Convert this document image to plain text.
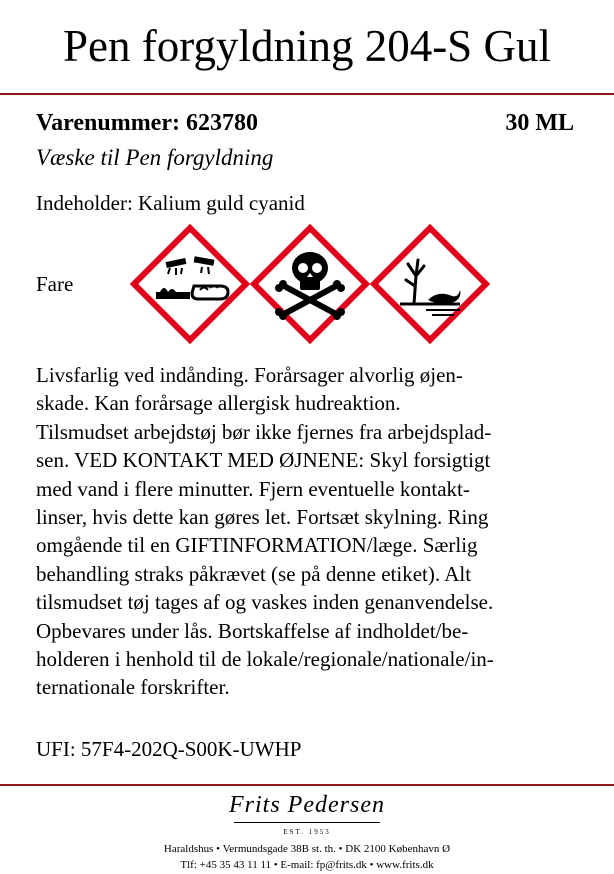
Pen forgyldning 204-S Gul
Varenummer: 623780	30 ML
Væske til Pen forgyldning
Indeholder: Kalium guld cyanid
Fare
Livsfarlig ved indånding. Forårsager alvorlig øjen-
skade. Kan forårsage allergisk hudreaktion.
Tilsmudset arbejdstøj bør ikke fjernes fra arbejdsplad-
sen. VED KONTAKT MED ØJNENE: Skyl forsigtigt
med vand i flere minutter. Fjern eventuelle kontakt-
linser, hvis dette kan gøres let. Fortsæt skylning. Ring
omgående til en GIFTINFORMATION/læge. Særlig
behandling straks påkrævet (se på denne etiket). Alt
tilsmudset tøj tages af og vaskes inden genanvendelse.
Opbevares under lås. Bortskaffelse af indholdet/be-
holderen i henhold til de lokale/regionale/nationale/in-
ternationale forskrifter.
UFI: 57F4-202Q-S00K-UWHP
Frits Pedersen
EST. 1953
Haraldshus • Vermundsgade 38B st. th. • DK 2100 København Ø
Tlf: +45 35 43 11 11 • E-mail: fp@frits.dk • www.frits.dk
